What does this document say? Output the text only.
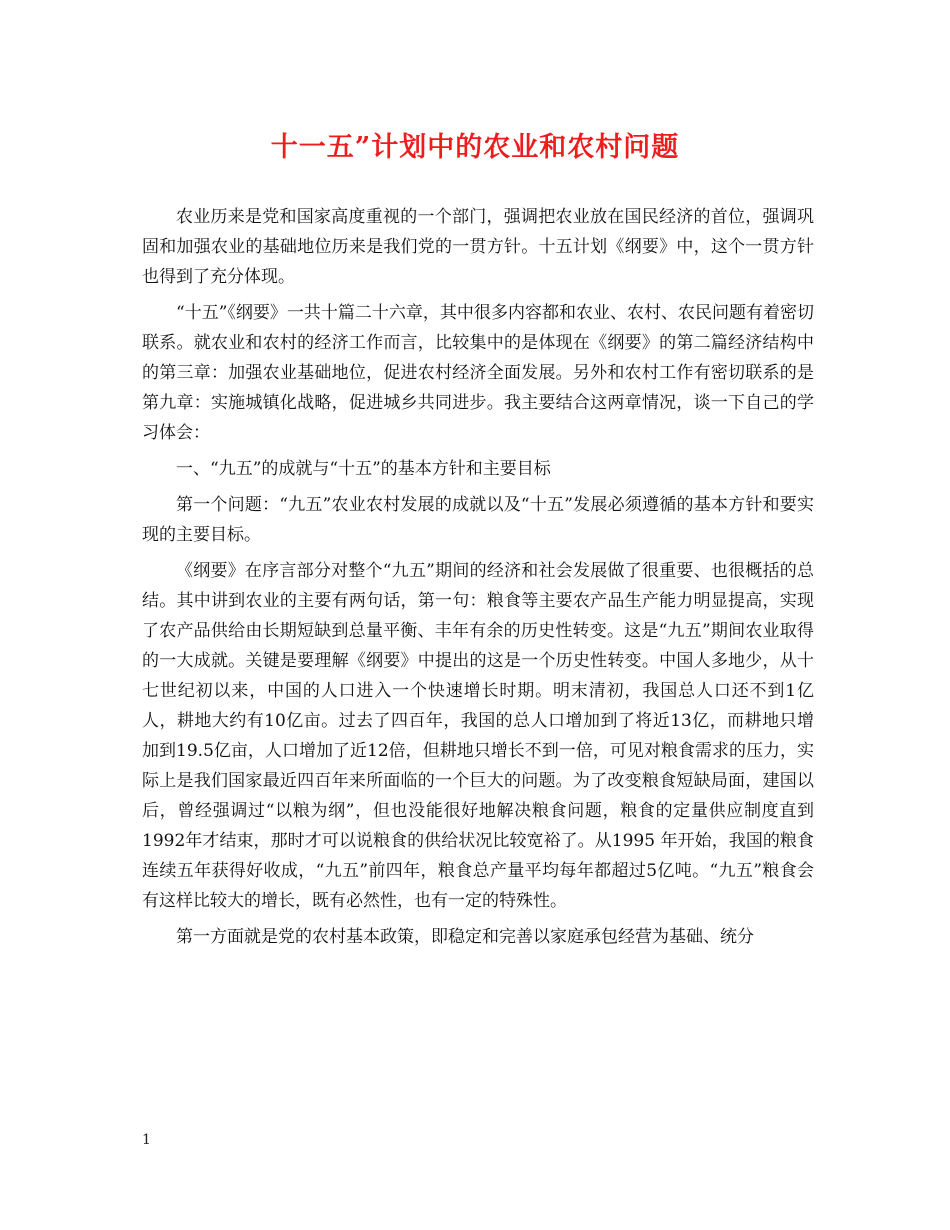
十一五”计划中的农业和农村问题

农业历来是党和国家高度重视的一个部门，强调把农业放在国民经济的首位，强调巩固和加强农业的基础地位历来是我们党的一贯方针。十五计划《纲要》中，这个一贯方针也得到了充分体现。

“十五”《纲要》一共十篇二十六章，其中很多内容都和农业、农村、农民问题有着密切联系。就农业和农村的经济工作而言，比较集中的是体现在《纲要》的第二篇经济结构中的第三章：加强农业基础地位，促进农村经济全面发展。另外和农村工作有密切联系的是第九章：实施城镇化战略，促进城乡共同进步。我主要结合这两章情况，谈一下自己的学习体会：

一、“九五”的成就与“十五”的基本方针和主要目标

第一个问题：“九五”农业农村发展的成就以及“十五”发展必须遵循的基本方针和要实现的主要目标。

《纲要》在序言部分对整个“九五”期间的经济和社会发展做了很重要、也很概括的总结。其中讲到农业的主要有两句话，第一句：粮食等主要农产品生产能力明显提高，实现了农产品供给由长期短缺到总量平衡、丰年有余的历史性转变。这是“九五”期间农业取得的一大成就。关键是要理解《纲要》中提出的这是一个历史性转变。中国人多地少，从十七世纪初以来，中国的人口进入一个快速增长时期。明末清初，我国总人口还不到1亿人，耕地大约有10亿亩。过去了四百年，我国的总人口增加到了将近13亿，而耕地只增加到19.5亿亩，人口增加了近12倍，但耕地只增长不到一倍，可见对粮食需求的压力，实际上是我们国家最近四百年来所面临的一个巨大的问题。为了改变粮食短缺局面，建国以后，曾经强调过“以粮为纲”，但也没能很好地解决粮食问题，粮食的定量供应制度直到1992年才结束，那时才可以说粮食的供给状况比较宽裕了。从1995 年开始，我国的粮食连续五年获得好收成，“九五”前四年，粮食总产量平均每年都超过5亿吨。“九五”粮食会有这样比较大的增长，既有必然性，也有一定的特殊性。

第一方面就是党的农村基本政策，即稳定和完善以家庭承包经营为基础、统分

1
